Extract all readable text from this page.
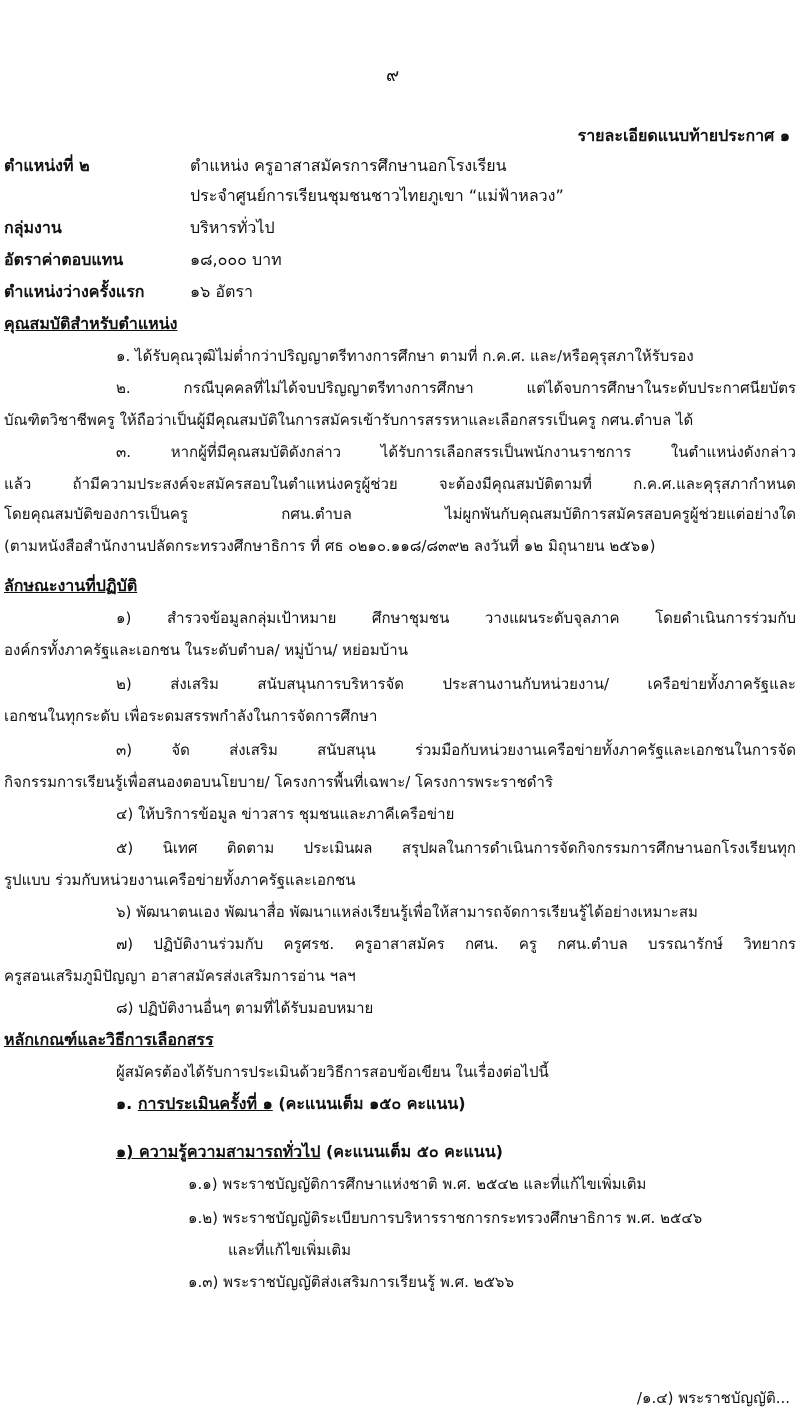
๙
รายละเอียดแนบท้ายประกาศ ๑
ตำแหน่งที่ ๒	ตำแหน่ง ครูอาสาสมัครการศึกษานอกโรงเรียน
ประจำศูนย์การเรียนชุมชนชาวไทยภูเขา “แม่ฟ้าหลวง”
กลุ่มงาน	บริหารทั่วไป
อัตราค่าตอบแทน	๑๘,๐๐๐ บาท
ตำแหน่งว่างครั้งแรก	๑๖ อัตรา
คุณสมบัติสำหรับตำแหน่ง
๑. ได้รับคุณวุฒิไม่ต่ำกว่าปริญญาตรีทางการศึกษา ตามที่ ก.ค.ศ. และ/หรือคุรุสภาให้รับรอง
๒. กรณีบุคคลที่ไม่ได้จบปริญญาตรีทางการศึกษา แต่ได้จบการศึกษาในระดับประกาศนียบัตร
บัณฑิตวิชาชีพครู ให้ถือว่าเป็นผู้มีคุณสมบัติในการสมัครเข้ารับการสรรหาและเลือกสรรเป็นครู กศน.ตำบล ได้
๓. หากผู้ที่มีคุณสมบัติดังกล่าว ได้รับการเลือกสรรเป็นพนักงานราชการ ในตำแหน่งดังกล่าว
แล้ว ถ้ามีความประสงค์จะสมัครสอบในตำแหน่งครูผู้ช่วย จะต้องมีคุณสมบัติตามที่ ก.ค.ศ.และคุรุสภากำหนด
โดยคุณสมบัติของการเป็นครู กศน.ตำบล ไม่ผูกพันกับคุณสมบัติการสมัครสอบครูผู้ช่วยแต่อย่างใด
(ตามหนังสือสำนักงานปลัดกระทรวงศึกษาธิการ ที่ ศธ ๐๒๑๐.๑๑๘/๘๓๙๒ ลงวันที่ ๑๒ มิถุนายน ๒๕๖๑)
ลักษณะงานที่ปฏิบัติ
๑) สำรวจข้อมูลกลุ่มเป้าหมาย ศึกษาชุมชน วางแผนระดับจุลภาค โดยดำเนินการร่วมกับ
องค์กรทั้งภาครัฐและเอกชน ในระดับตำบล/ หมู่บ้าน/ หย่อมบ้าน
๒) ส่งเสริม สนับสนุนการบริหารจัด ประสานงานกับหน่วยงาน/ เครือข่ายทั้งภาครัฐและ
เอกชนในทุกระดับ เพื่อระดมสรรพกำลังในการจัดการศึกษา
๓) จัด ส่งเสริม สนับสนุน ร่วมมือกับหน่วยงานเครือข่ายทั้งภาครัฐและเอกชนในการจัด
กิจกรรมการเรียนรู้เพื่อสนองตอบนโยบาย/ โครงการพื้นที่เฉพาะ/ โครงการพระราชดำริ
๔) ให้บริการข้อมูล ข่าวสาร ชุมชนและภาคีเครือข่าย
๕) นิเทศ ติดตาม ประเมินผล สรุปผลในการดำเนินการจัดกิจกรรมการศึกษานอกโรงเรียนทุก
รูปแบบ ร่วมกับหน่วยงานเครือข่ายทั้งภาครัฐและเอกชน
๖) พัฒนาตนเอง พัฒนาสื่อ พัฒนาแหล่งเรียนรู้เพื่อให้สามารถจัดการเรียนรู้ได้อย่างเหมาะสม
๗) ปฏิบัติงานร่วมกับ ครูศรช. ครูอาสาสมัคร กศน. ครู กศน.ตำบล บรรณารักษ์ วิทยากร
ครูสอนเสริมภูมิปัญญา อาสาสมัครส่งเสริมการอ่าน ฯลฯ
๘) ปฏิบัติงานอื่นๆ ตามที่ได้รับมอบหมาย
หลักเกณฑ์และวิธีการเลือกสรร
ผู้สมัครต้องได้รับการประเมินด้วยวิธีการสอบข้อเขียน ในเรื่องต่อไปนี้
๑. การประเมินครั้งที่ ๑ (คะแนนเต็ม ๑๕๐ คะแนน)
๑) ความรู้ความสามารถทั่วไป (คะแนนเต็ม ๕๐ คะแนน)
๑.๑) พระราชบัญญัติการศึกษาแห่งชาติ พ.ศ. ๒๕๔๒ และที่แก้ไขเพิ่มเติม
๑.๒) พระราชบัญญัติระเบียบการบริหารราชการกระทรวงศึกษาธิการ พ.ศ. ๒๕๔๖
และที่แก้ไขเพิ่มเติม
๑.๓) พระราชบัญญัติส่งเสริมการเรียนรู้ พ.ศ. ๒๕๖๖
/๑.๔) พระราชบัญญัติ...
